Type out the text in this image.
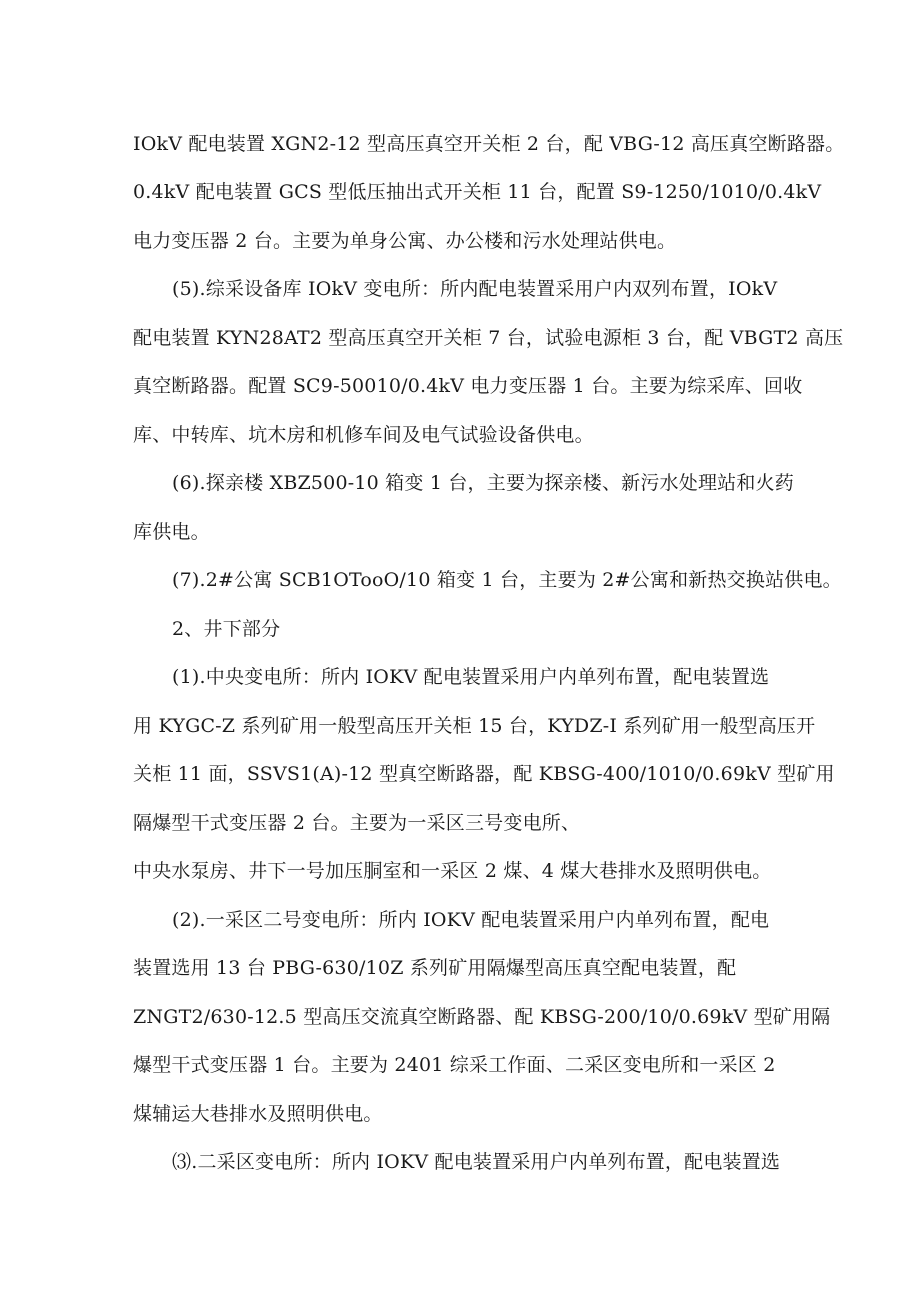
IOkV 配电装置 XGN2-12 型高压真空开关柜 2 台，配 VBG-12 高压真空断路器。
0.4kV 配电装置 GCS 型低压抽出式开关柜 11 台，配置 S9-1250/1010/0.4kV
电力变压器 2 台。主要为单身公寓、办公楼和污水处理站供电。
(5).综采设备库 IOkV 变电所：所内配电装置采用户内双列布置，IOkV
配电装置 KYN28AT2 型高压真空开关柜 7 台，试验电源柜 3 台，配 VBGT2 高压
真空断路器。配置 SC9-50010/0.4kV 电力变压器 1 台。主要为综采库、回收
库、中转库、坑木房和机修车间及电气试验设备供电。
(6).探亲楼 XBZ500-10 箱变 1 台，主要为探亲楼、新污水处理站和火药
库供电。
(7).2#公寓 SCB1OTooO/10 箱变 1 台，主要为 2#公寓和新热交换站供电。
2、井下部分
(1).中央变电所：所内 IOKV 配电装置采用户内单列布置，配电装置选
用 KYGC-Z 系列矿用一般型高压开关柜 15 台，KYDZ-I 系列矿用一般型高压开
关柜 11 面，SSVS1(A)-12 型真空断路器，配 KBSG-400/1010/0.69kV 型矿用
隔爆型干式变压器 2 台。主要为一采区三号变电所、
中央水泵房、井下一号加压胴室和一采区 2 煤、4 煤大巷排水及照明供电。
(2).一采区二号变电所：所内 IOKV 配电装置采用户内单列布置，配电
装置选用 13 台 PBG-630/10Z 系列矿用隔爆型高压真空配电装置，配
ZNGT2/630-12.5 型高压交流真空断路器、配 KBSG-200/10/0.69kV 型矿用隔
爆型干式变压器 1 台。主要为 2401 综采工作面、二采区变电所和一采区 2
煤辅运大巷排水及照明供电。
⑶.二采区变电所：所内 IOKV 配电装置采用户内单列布置，配电装置选
